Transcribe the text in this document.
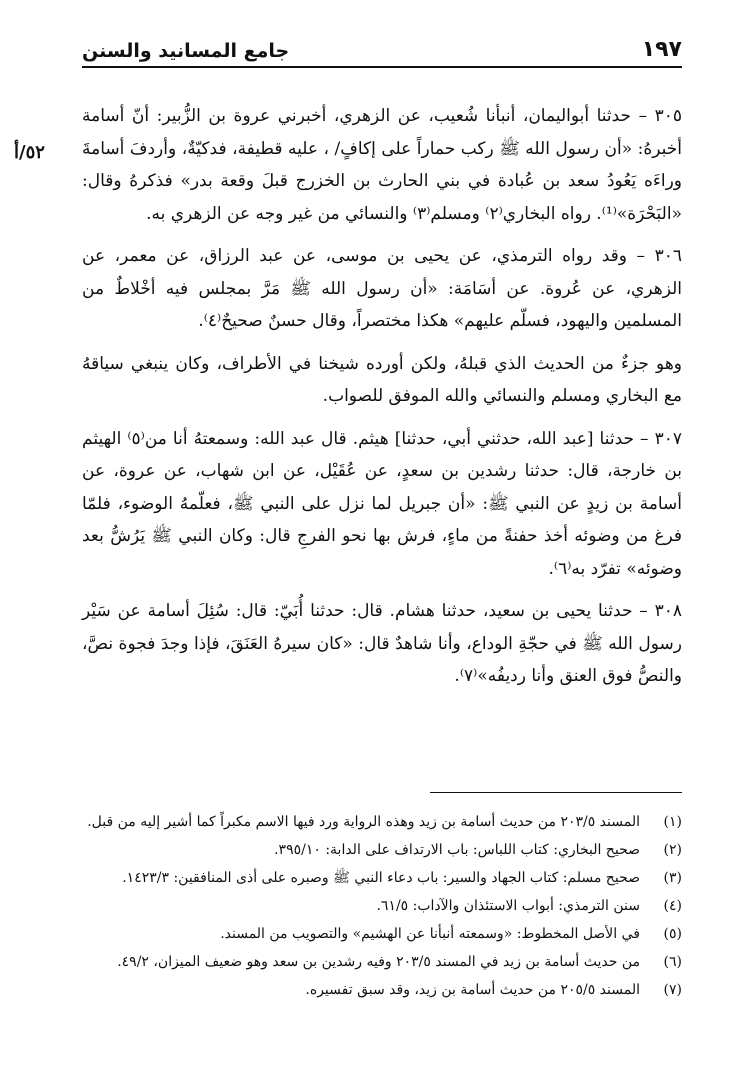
١٩٧
جامع المسانيد والسنن
٥٢/أ

٣٠٥ – حدثنا أبواليمان، أنبأنا شُعيب، عن الزهري، أخبرني عروة بن الزُّبير: أنّ أسامة أخبرهُ: «أن رسول الله ﷺ ركب حماراً على إكافٍ/ ، عليه قطيفة، فدكيّةٌ، وأردفَ أسامةَ وراءَه يَعُودُ سعد بن عُبادة في بني الحارث بن الخزرج قبلَ وقعة بدر» فذكرهُ وقال: «البَحْرَة»⁽¹⁾. رواه البخاري⁽٢⁾ ومسلم⁽٣⁾ والنسائي من غير وجه عن الزهري به.

٣٠٦ – وقد رواه الترمذي، عن يحيى بن موسى، عن عبد الرزاق، عن معمر، عن الزهري، عن عُروة. عن أسَامَة: «أن رسول الله ﷺ مَرَّ بمجلس فيه أخْلاطٌ من المسلمين واليهود، فسلّم عليهم» هكذا مختصراً، وقال حسنٌ صحيحٌ⁽٤⁾.

وهو جزءٌ من الحديث الذي قبلهُ، ولكن أورده شيخنا في الأطراف، وكان ينبغي سياقهُ مع البخاري ومسلم والنسائي والله الموفق للصواب.

٣٠٧ – حدثنا [عبد الله، حدثني أبي، حدثنا] هيثم. قال عبد الله: وسمعتهُ أنا من⁽٥⁾ الهيثم بن خارجة، قال: حدثنا رشدين بن سعدٍ، عن عُقَيْل، عن ابن شهاب، عن عروة، عن أسامة بن زيدٍ عن النبي ﷺ: «أن جبريل لما نزل على النبي ﷺ، فعلّمهُ الوضوء، فلمّا فرغ من وضوئه أخذ حفنةً من ماءٍ، فرش بها نحو الفرجِ قال: وكان النبي ﷺ يَرُشُّ بعد وضوئه» تفرّد به⁽٦⁾.

٣٠٨ – حدثنا يحيى بن سعيد، حدثنا هشام. قال: حدثنا أُبَيّ: قال: سُئِلَ أسامة عن سَيْر رسول الله ﷺ في حجّةِ الوداع، وأنا شاهدٌ قال: «كان سيرهُ العَنَقَ، فإذا وجدَ فجوة نصَّ، والنصُّ فوق العنق وأنا رديفُه»⁽٧⁾.

(١)
المسند ٢٠٣/٥ من حديث أسامة بن زيد وهذه الرواية ورد فيها الاسم مكبراً كما أشير إليه من قبل.
(٢)
صحيح البخاري: كتاب اللباس: باب الارتداف على الدابة: ٣٩٥/١٠.
(٣)
صحيح مسلم: كتاب الجهاد والسير: باب دعاء النبي ﷺ وصبره على أذى المنافقين: ١٤٢٣/٣.
(٤)
سنن الترمذي: أبواب الاستئذان والآداب: ٦١/٥.
(٥)
في الأصل المخطوط: «وسمعته أنبأنا عن الهشيم» والتصويب من المسند.
(٦)
من حديث أسامة بن زيد في المسند ٢٠٣/٥ وفيه رشدين بن سعد وهو ضعيف الميزان، ٤٩/٢.
(٧)
المسند ٢٠٥/٥ من حديث أسامة بن زيد، وقد سبق تفسيره.
